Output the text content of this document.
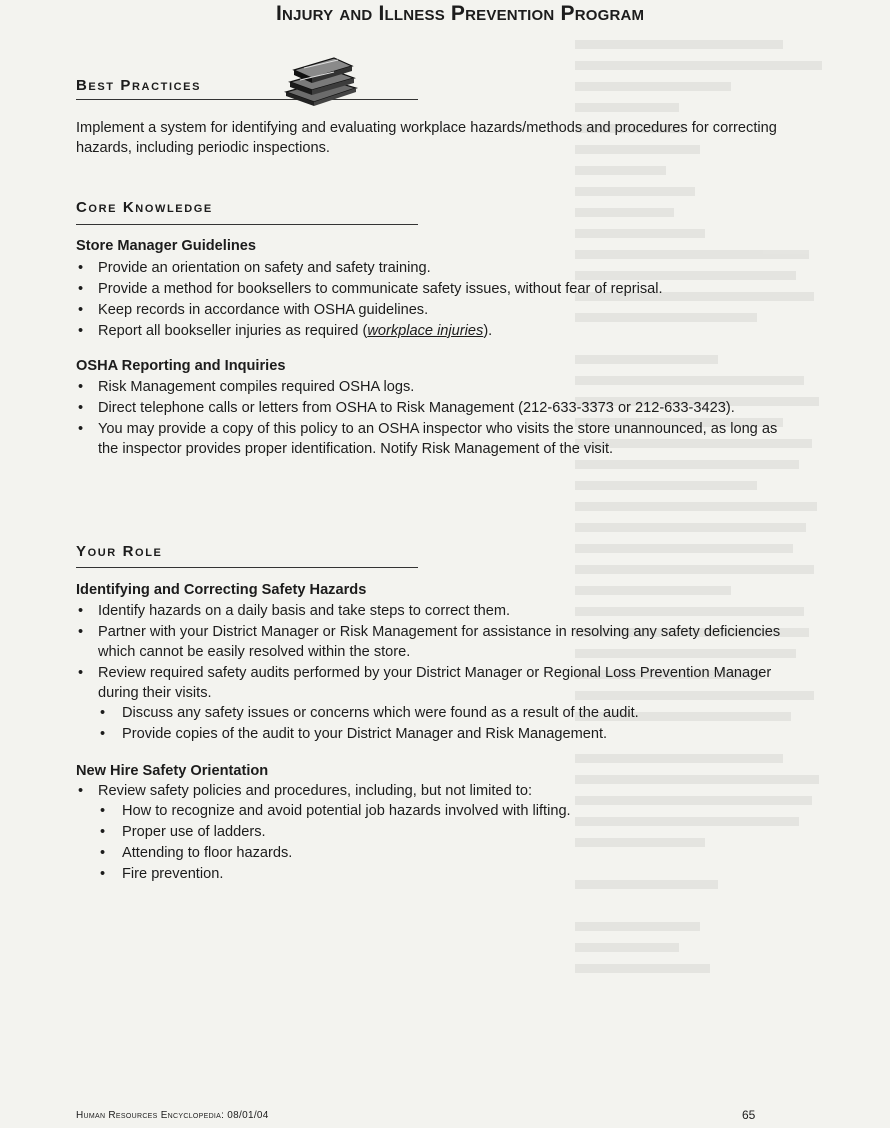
Injury and Illness Prevention Program
Best Practices
Implement a system for identifying and evaluating workplace hazards/methods and procedures for correcting hazards, including periodic inspections.
Core Knowledge
Store Manager Guidelines
• Provide an orientation on safety and safety training.
• Provide a method for booksellers to communicate safety issues, without fear of reprisal.
• Keep records in accordance with OSHA guidelines.
• Report all bookseller injuries as required (workplace injuries).
OSHA Reporting and Inquiries
• Risk Management compiles required OSHA logs.
• Direct telephone calls or letters from OSHA to Risk Management (212-633-3373 or 212-633-3423).
• You may provide a copy of this policy to an OSHA inspector who visits the store unannounced, as long as the inspector provides proper identification. Notify Risk Management of the visit.
Your Role
Identifying and Correcting Safety Hazards
• Identify hazards on a daily basis and take steps to correct them.
• Partner with your District Manager or Risk Management for assistance in resolving any safety deficiencies which cannot be easily resolved within the store.
• Review required safety audits performed by your District Manager or Regional Loss Prevention Manager during their visits.
• Discuss any safety issues or concerns which were found as a result of the audit.
• Provide copies of the audit to your District Manager and Risk Management.
New Hire Safety Orientation
• Review safety policies and procedures, including, but not limited to:
• How to recognize and avoid potential job hazards involved with lifting.
• Proper use of ladders.
• Attending to floor hazards.
• Fire prevention.
Human Resources Encyclopedia: 08/01/04	65
